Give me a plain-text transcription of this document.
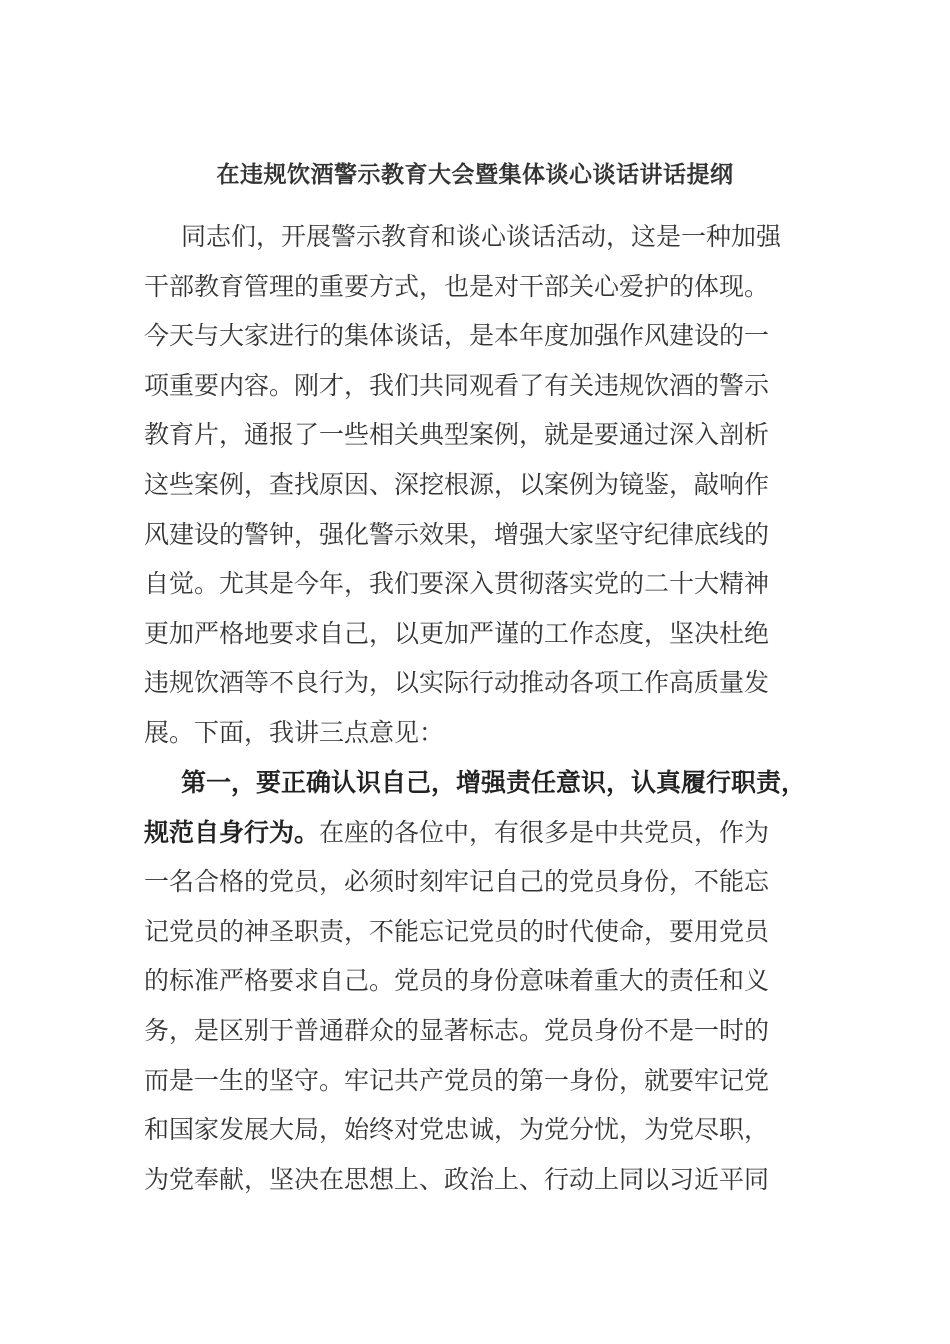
在违规饮酒警示教育大会暨集体谈心谈话讲话提纲
同志们，开展警示教育和谈心谈话活动，这是一种加强
干部教育管理的重要方式，也是对干部关心爱护的体现。
今天与大家进行的集体谈话，是本年度加强作风建设的一
项重要内容。刚才，我们共同观看了有关违规饮酒的警示
教育片，通报了一些相关典型案例，就是要通过深入剖析
这些案例，查找原因、深挖根源，以案例为镜鉴，敲响作
风建设的警钟，强化警示效果，增强大家坚守纪律底线的
自觉。尤其是今年，我们要深入贯彻落实党的二十大精神
更加严格地要求自己，以更加严谨的工作态度，坚决杜绝
违规饮酒等不良行为，以实际行动推动各项工作高质量发
展。下面，我讲三点意见：
第一，要正确认识自己，增强责任意识，认真履行职责，
规范自身行为。在座的各位中，有很多是中共党员，作为
一名合格的党员，必须时刻牢记自己的党员身份，不能忘
记党员的神圣职责，不能忘记党员的时代使命，要用党员
的标准严格要求自己。党员的身份意味着重大的责任和义
务，是区别于普通群众的显著标志。党员身份不是一时的
而是一生的坚守。牢记共产党员的第一身份，就要牢记党
和国家发展大局，始终对党忠诚，为党分忧，为党尽职，
为党奉献，坚决在思想上、政治上、行动上同以习近平同
